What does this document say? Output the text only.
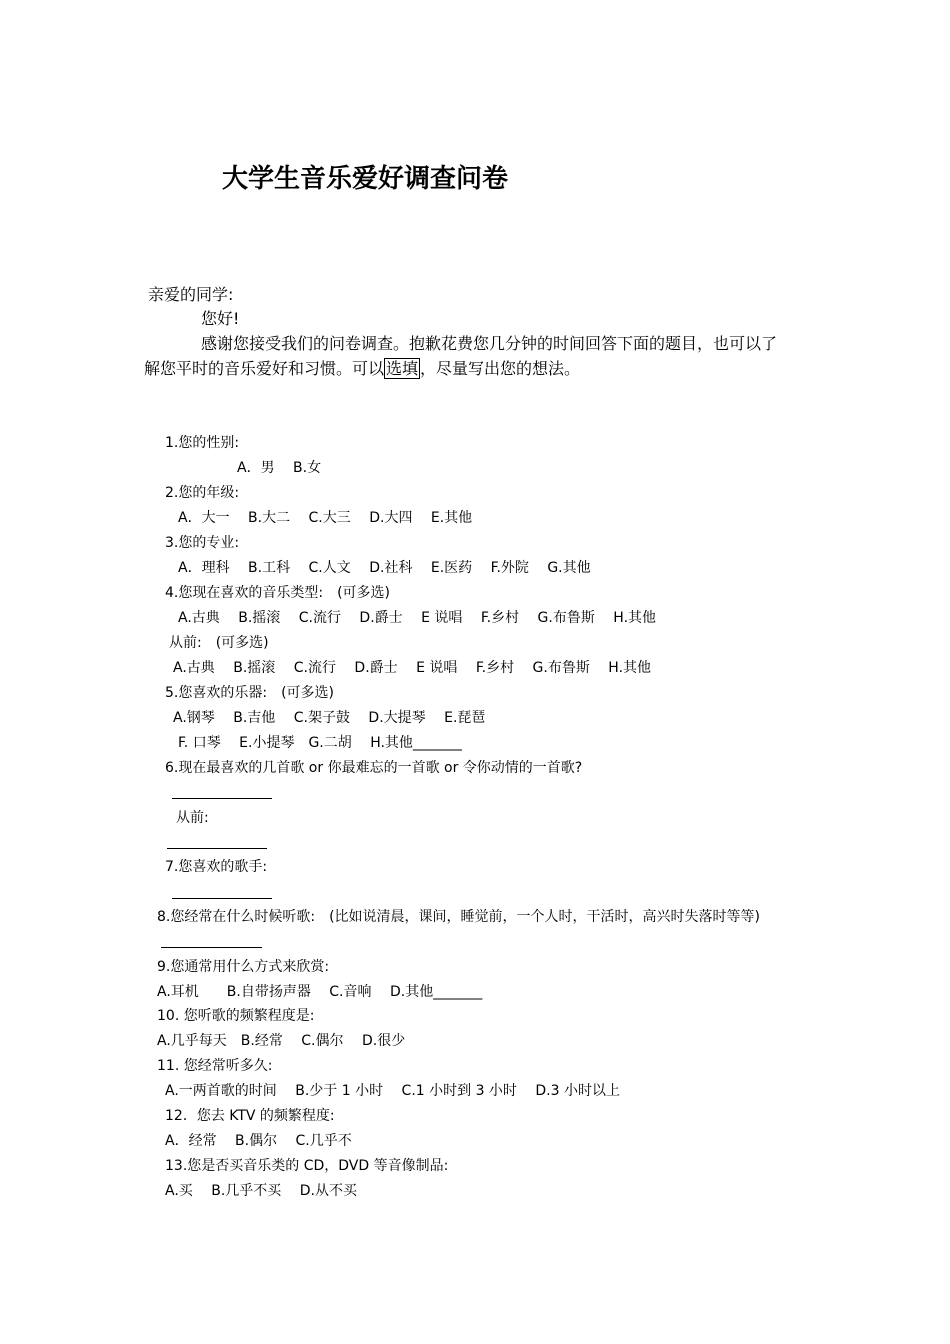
大学生音乐爱好调查问卷
亲爱的同学:
您好!
感谢您接受我们的问卷调查。抱歉花费您几分钟的时间回答下面的题目，也可以了
解您平时的音乐爱好和习惯。可以 选填 ，尽量写出您的想法。
1.您的性别:
A．男　 B.女
2.您的年级:
A．大一　 B.大二　 C.大三　 D.大四　 E.其他
3.您的专业:
A．理科　 B.工科　 C.人文　 D.社科　 E.医药　 F.外院　 G.其他
4.您现在喜欢的音乐类型:　(可多选)
A.古典　 B.摇滚　 C.流行　 D.爵士　 E 说唱　 F.乡村　 G.布鲁斯　 H.其他
从前:　(可多选)
A.古典　 B.摇滚　 C.流行　 D.爵士　 E 说唱　 F.乡村　 G.布鲁斯　 H.其他
5.您喜欢的乐器:　(可多选)
A.钢琴　 B.吉他　 C.架子鼓　 D.大提琴　 E.琵琶
F. 口琴　 E.小提琴　G.二胡　 H.其他_______
6.现在最喜欢的几首歌 or 你最难忘的一首歌 or 令你动情的一首歌?
从前:
7.您喜欢的歌手:
8.您经常在什么时候听歌:　(比如说清晨，课间，睡觉前，一个人时，干活时，高兴时失落时等等)
9.您通常用什么方式来欣赏:
A.耳机　　B.自带扬声器　 C.音响　 D.其他_______
10. 您听歌的频繁程度是:
A.几乎每天　B.经常　 C.偶尔　 D.很少
11. 您经常听多久:
A.一两首歌的时间　 B.少于 1 小时　 C.1 小时到 3 小时　 D.3 小时以上
12．您去 KTV 的频繁程度:
A．经常　 B.偶尔　 C.几乎不
13.您是否买音乐类的 CD，DVD 等音像制品:
A.买　 B.几乎不买　 D.从不买
